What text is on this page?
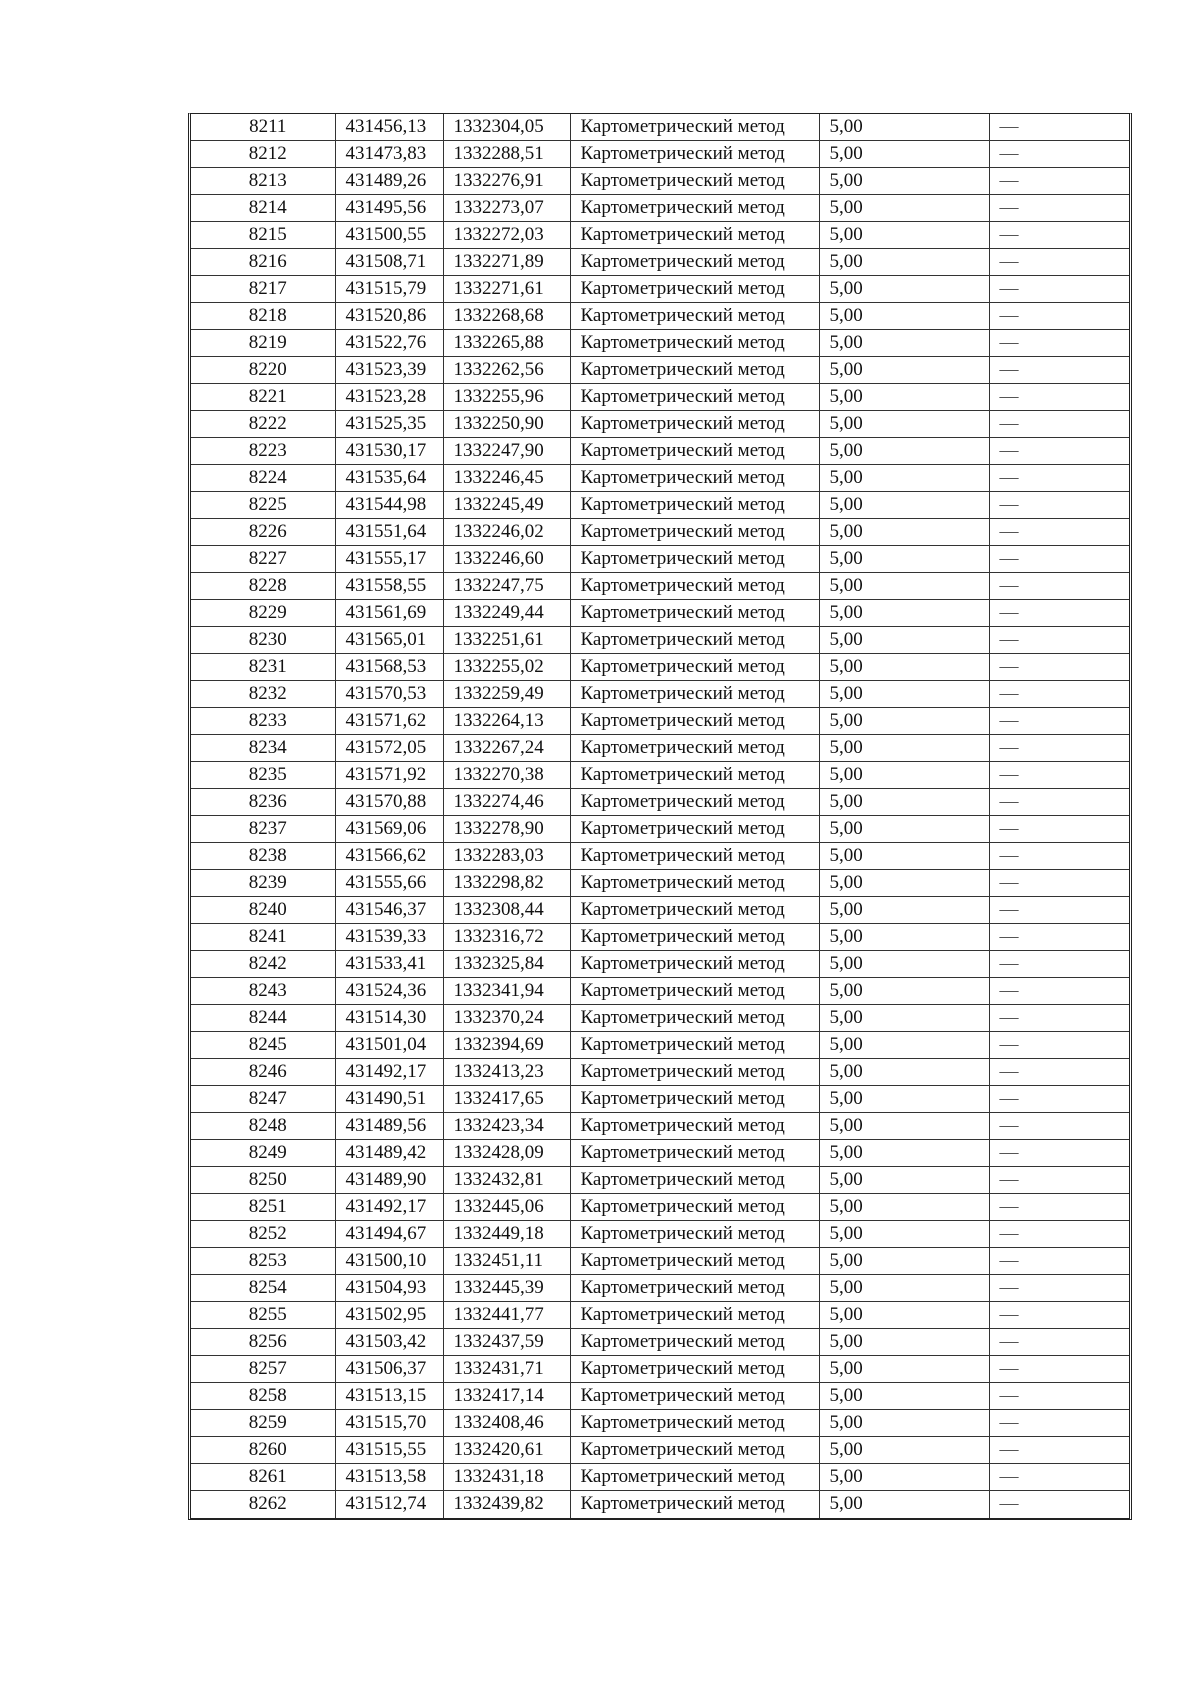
8211	431456,13	1332304,05	Картометрический метод	5,00	—
8212	431473,83	1332288,51	Картометрический метод	5,00	—
8213	431489,26	1332276,91	Картометрический метод	5,00	—
8214	431495,56	1332273,07	Картометрический метод	5,00	—
8215	431500,55	1332272,03	Картометрический метод	5,00	—
8216	431508,71	1332271,89	Картометрический метод	5,00	—
8217	431515,79	1332271,61	Картометрический метод	5,00	—
8218	431520,86	1332268,68	Картометрический метод	5,00	—
8219	431522,76	1332265,88	Картометрический метод	5,00	—
8220	431523,39	1332262,56	Картометрический метод	5,00	—
8221	431523,28	1332255,96	Картометрический метод	5,00	—
8222	431525,35	1332250,90	Картометрический метод	5,00	—
8223	431530,17	1332247,90	Картометрический метод	5,00	—
8224	431535,64	1332246,45	Картометрический метод	5,00	—
8225	431544,98	1332245,49	Картометрический метод	5,00	—
8226	431551,64	1332246,02	Картометрический метод	5,00	—
8227	431555,17	1332246,60	Картометрический метод	5,00	—
8228	431558,55	1332247,75	Картометрический метод	5,00	—
8229	431561,69	1332249,44	Картометрический метод	5,00	—
8230	431565,01	1332251,61	Картометрический метод	5,00	—
8231	431568,53	1332255,02	Картометрический метод	5,00	—
8232	431570,53	1332259,49	Картометрический метод	5,00	—
8233	431571,62	1332264,13	Картометрический метод	5,00	—
8234	431572,05	1332267,24	Картометрический метод	5,00	—
8235	431571,92	1332270,38	Картометрический метод	5,00	—
8236	431570,88	1332274,46	Картометрический метод	5,00	—
8237	431569,06	1332278,90	Картометрический метод	5,00	—
8238	431566,62	1332283,03	Картометрический метод	5,00	—
8239	431555,66	1332298,82	Картометрический метод	5,00	—
8240	431546,37	1332308,44	Картометрический метод	5,00	—
8241	431539,33	1332316,72	Картометрический метод	5,00	—
8242	431533,41	1332325,84	Картометрический метод	5,00	—
8243	431524,36	1332341,94	Картометрический метод	5,00	—
8244	431514,30	1332370,24	Картометрический метод	5,00	—
8245	431501,04	1332394,69	Картометрический метод	5,00	—
8246	431492,17	1332413,23	Картометрический метод	5,00	—
8247	431490,51	1332417,65	Картометрический метод	5,00	—
8248	431489,56	1332423,34	Картометрический метод	5,00	—
8249	431489,42	1332428,09	Картометрический метод	5,00	—
8250	431489,90	1332432,81	Картометрический метод	5,00	—
8251	431492,17	1332445,06	Картометрический метод	5,00	—
8252	431494,67	1332449,18	Картометрический метод	5,00	—
8253	431500,10	1332451,11	Картометрический метод	5,00	—
8254	431504,93	1332445,39	Картометрический метод	5,00	—
8255	431502,95	1332441,77	Картометрический метод	5,00	—
8256	431503,42	1332437,59	Картометрический метод	5,00	—
8257	431506,37	1332431,71	Картометрический метод	5,00	—
8258	431513,15	1332417,14	Картометрический метод	5,00	—
8259	431515,70	1332408,46	Картометрический метод	5,00	—
8260	431515,55	1332420,61	Картометрический метод	5,00	—
8261	431513,58	1332431,18	Картометрический метод	5,00	—
8262	431512,74	1332439,82	Картометрический метод	5,00	—
